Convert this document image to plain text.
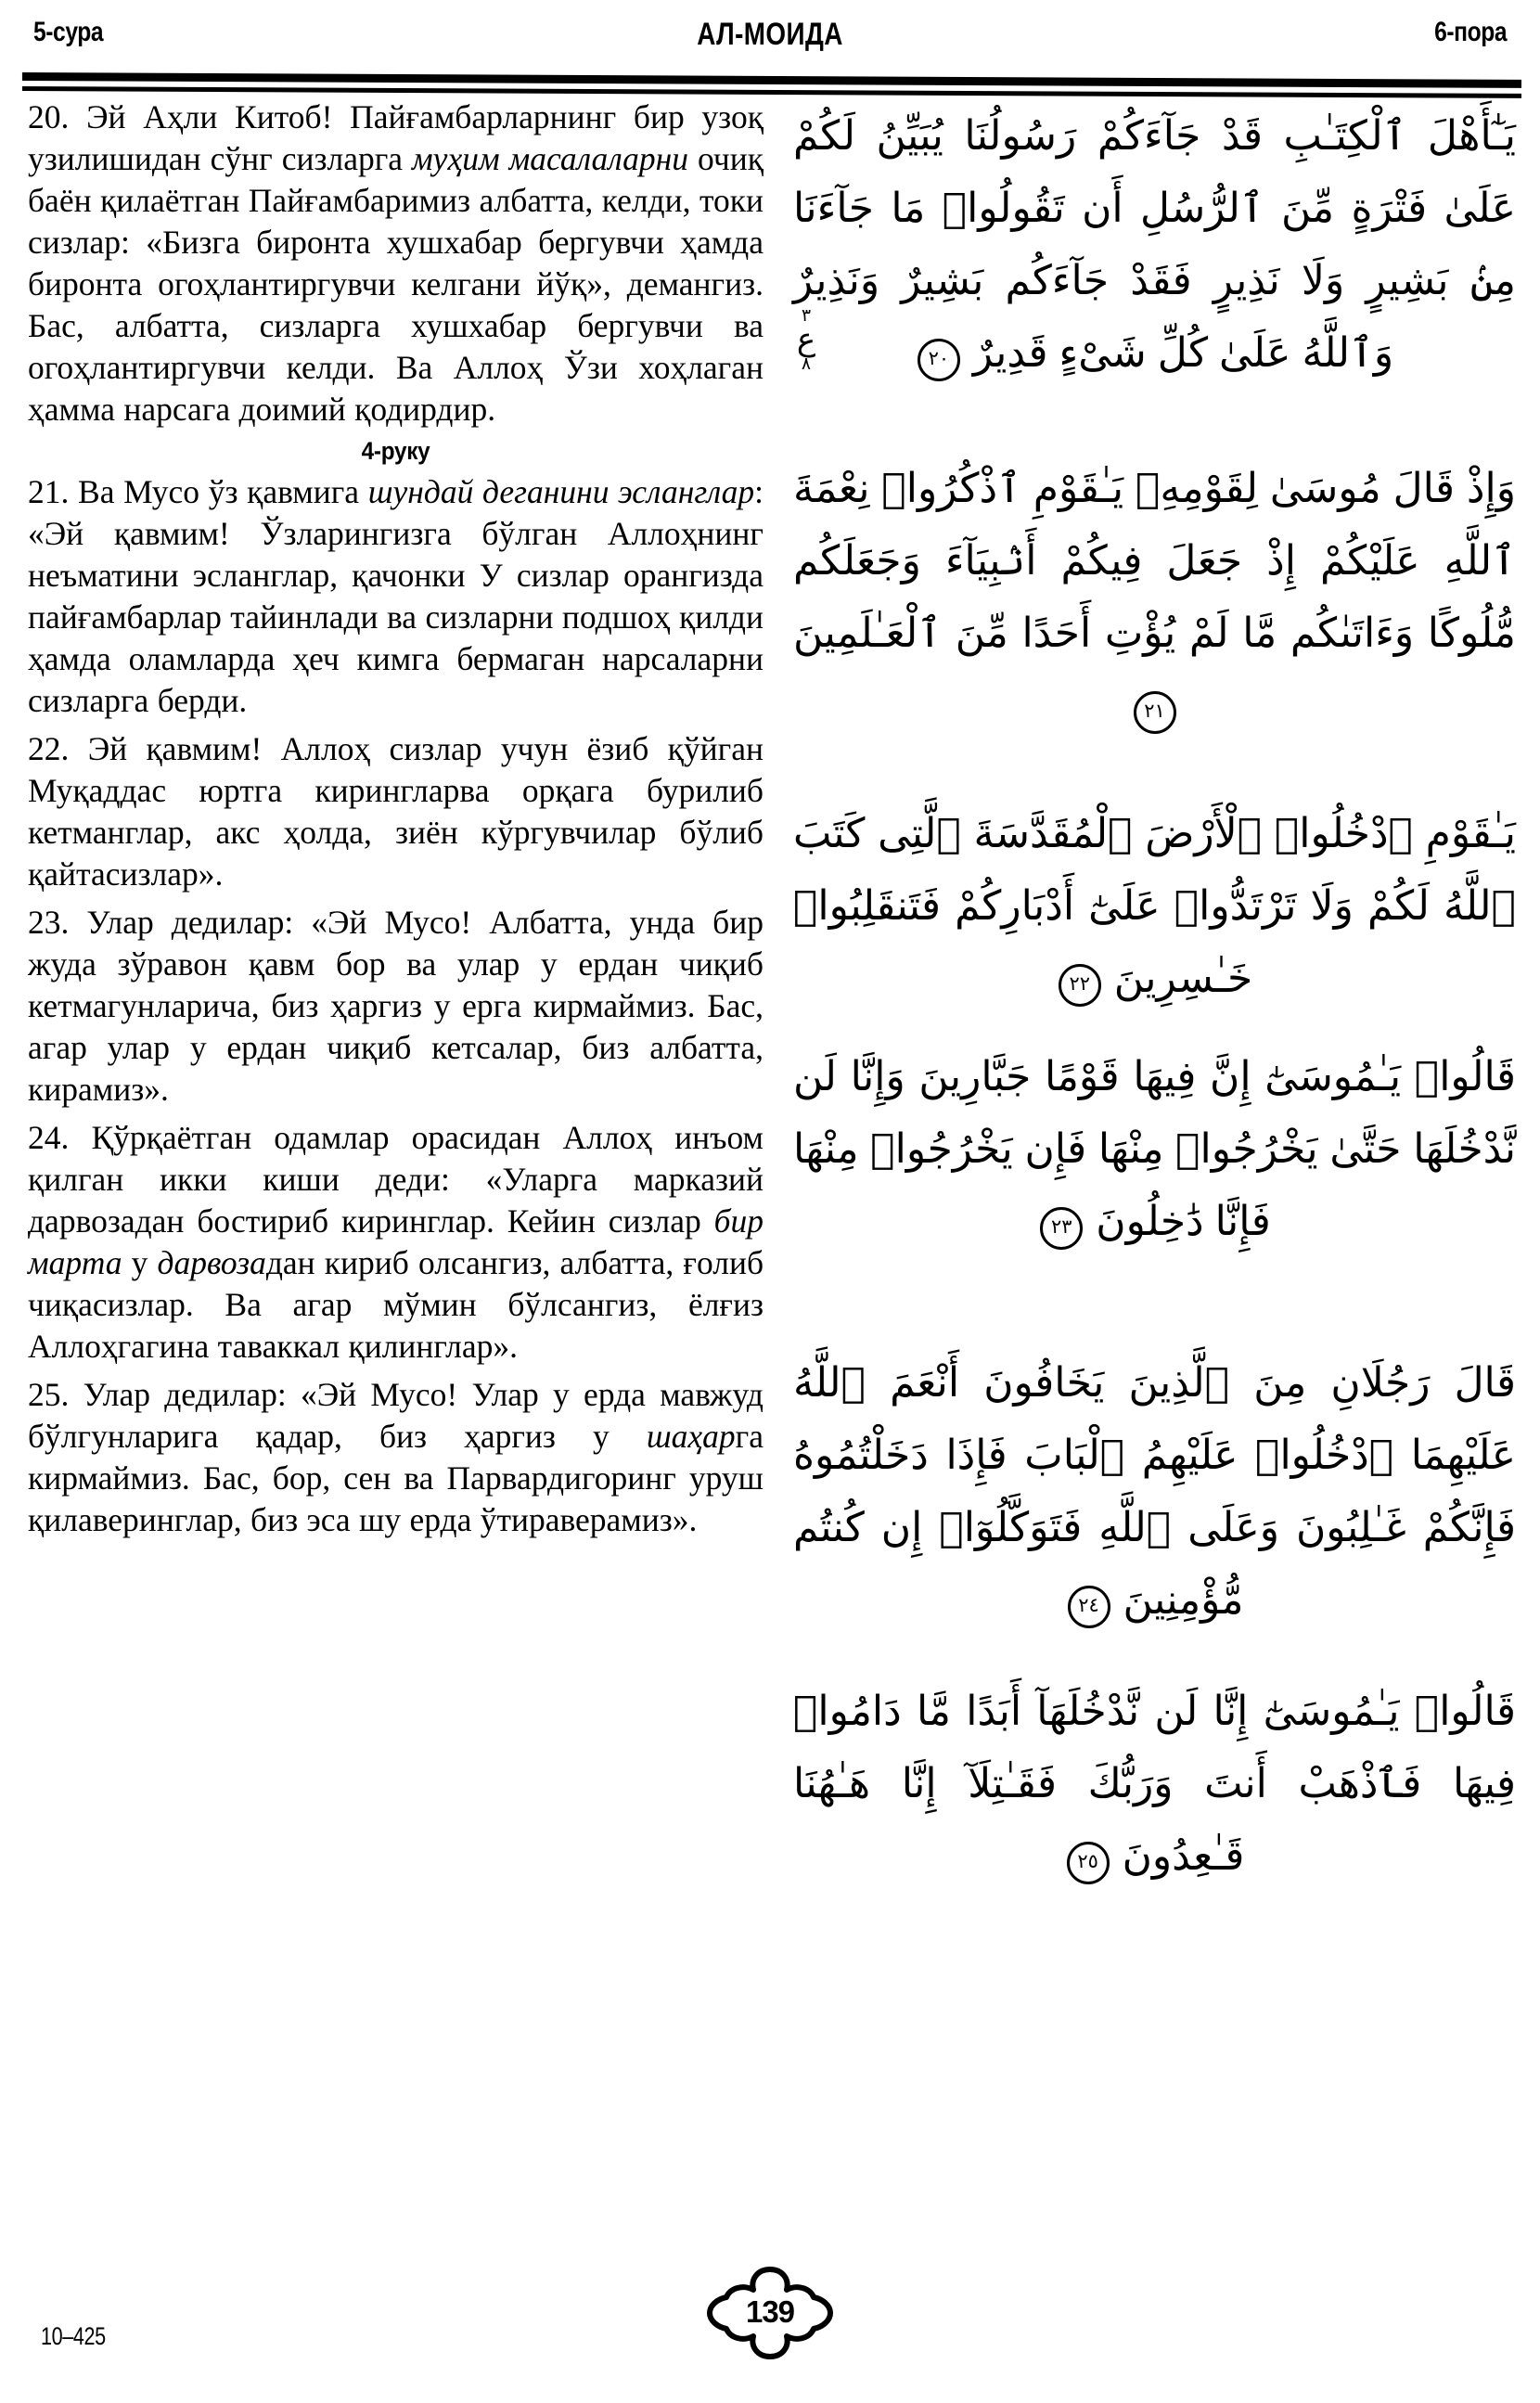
5-сура	АЛ-МОИДА	6-пора

20. Эй Аҳли Китоб! Пайғамбарларнинг бир узоқ узилишидан сўнг сизларга муҳим масалаларни очиқ баён қилаётган Пайғамбаримиз албатта, келди, токи сизлар: «Бизга биронта хушхабар бергувчи ҳамда биронта огоҳлантиргувчи келгани йўқ», демангиз. Бас, албатта, сизларга хушхабар бергувчи ва огоҳлантиргувчи келди. Ва Аллоҳ Ўзи хоҳлаган ҳамма нарсага доимий қодирдир.

4-руку

21. Ва Мусо ўз қавмига шундай деганини эсланглар: «Эй қавмим! Ўзларингизга бўлган Аллоҳнинг неъматини эсланглар, қачонки У сизлар орангизда пайғамбарлар тайинлади ва сизларни подшоҳ қилди ҳамда оламларда ҳеч кимга бермаган нарсаларни сизларга берди.

22. Эй қавмим! Аллоҳ сизлар учун ёзиб қўйган Муқаддас юртга кирингларва орқага бурилиб кетманглар, акс ҳолда, зиён кўргувчилар бўлиб қайтасизлар».

23. Улар дедилар: «Эй Мусо! Албатта, унда бир жуда зўравон қавм бор ва улар у ердан чиқиб кетмагунларича, биз ҳаргиз у ерга кирмаймиз. Бас, агар улар у ердан чиқиб кетсалар, биз албатта, кирамиз».

24. Қўрқаётган одамлар орасидан Аллоҳ инъом қилган икки киши деди: «Уларга марказий дарвозадан бостириб киринглар. Кейин сизлар бир марта у дарвозадан кириб олсангиз, албатта, ғолиб чиқасизлар. Ва агар мўмин бўлсангиз, ёлғиз Аллоҳгагина таваккал қилинглар».

25. Улар дедилар: «Эй Мусо! Улар у ерда мавжуд бўлгунларига қадар, биз ҳаргиз у шаҳарга кирмаймиз. Бас, бор, сен ва Парвардигоринг уруш қилаверинглар, биз эса шу ерда ўтираверамиз».

يَـٰٓأَهْلَ ٱلْكِتَـٰبِ قَدْ جَآءَكُمْ رَسُولُنَا يُبَيِّنُ لَكُمْ عَلَىٰ فَتْرَةٍ مِّنَ ٱلرُّسُلِ أَن تَقُولُوا۟ مَا جَآءَنَا مِنۢ بَشِيرٍ وَلَا نَذِيرٍ فَقَدْ جَآءَكُم بَشِيرٌ وَنَذِيرٌ وَٱللَّهُ عَلَىٰ كُلِّ شَىْءٍ قَدِيرٌ ٢٠
٣
ع
٨
وَإِذْ قَالَ مُوسَىٰ لِقَوْمِهِۦ يَـٰقَوْمِ ٱذْكُرُوا۟ نِعْمَةَ ٱللَّهِ عَلَيْكُمْ إِذْ جَعَلَ فِيكُمْ أَنۢبِيَآءَ وَجَعَلَكُم مُّلُوكًا وَءَاتَىٰكُم مَّا لَمْ يُؤْتِ أَحَدًا مِّنَ ٱلْعَـٰلَمِينَ ٢١
يَـٰقَوْمِ ٱدْخُلُوا۟ ٱلْأَرْضَ ٱلْمُقَدَّسَةَ ٱلَّتِى كَتَبَ ٱللَّهُ لَكُمْ وَلَا تَرْتَدُّوا۟ عَلَىٰٓ أَدْبَارِكُمْ فَتَنقَلِبُوا۟ خَـٰسِرِينَ ٢٢
قَالُوا۟ يَـٰمُوسَىٰٓ إِنَّ فِيهَا قَوْمًا جَبَّارِينَ وَإِنَّا لَن نَّدْخُلَهَا حَتَّىٰ يَخْرُجُوا۟ مِنْهَا فَإِن يَخْرُجُوا۟ مِنْهَا فَإِنَّا دَٰخِلُونَ ٢٣
قَالَ رَجُلَانِ مِنَ ٱلَّذِينَ يَخَافُونَ أَنْعَمَ ٱللَّهُ عَلَيْهِمَا ٱدْخُلُوا۟ عَلَيْهِمُ ٱلْبَابَ فَإِذَا دَخَلْتُمُوهُ فَإِنَّكُمْ غَـٰلِبُونَ وَعَلَى ٱللَّهِ فَتَوَكَّلُوٓا۟ إِن كُنتُم مُّؤْمِنِينَ ٢٤
قَالُوا۟ يَـٰمُوسَىٰٓ إِنَّا لَن نَّدْخُلَهَآ أَبَدًا مَّا دَامُوا۟ فِيهَا فَٱذْهَبْ أَنتَ وَرَبُّكَ فَقَـٰتِلَآ إِنَّا هَـٰهُنَا قَـٰعِدُونَ ٢٥
10–425
139
